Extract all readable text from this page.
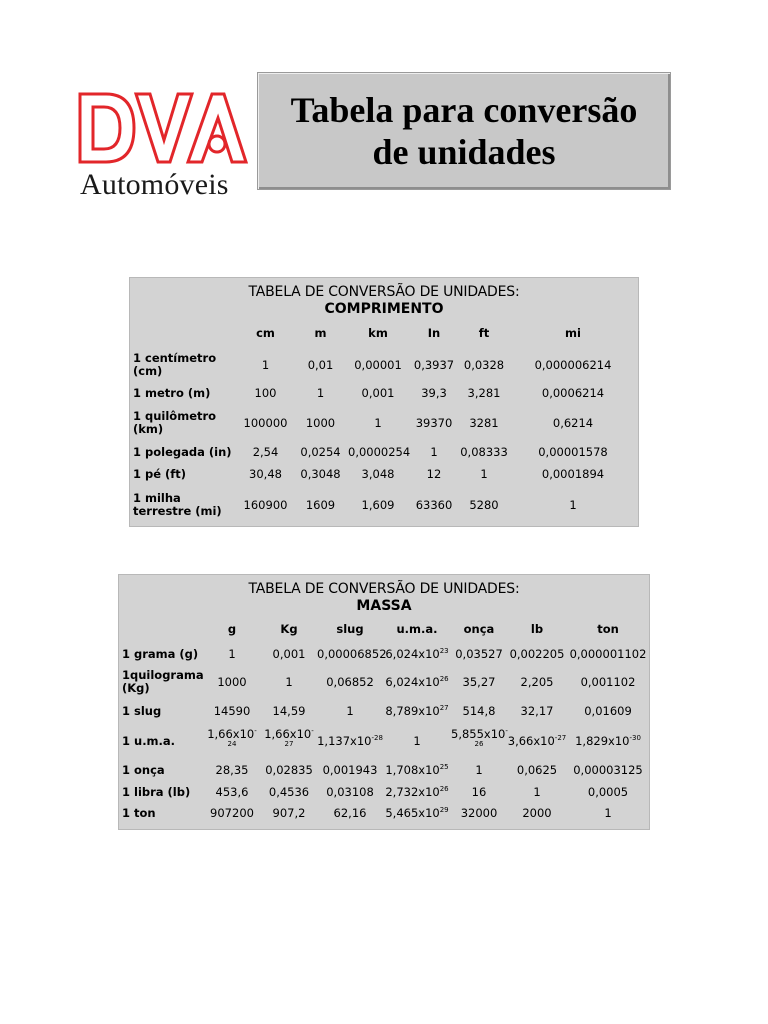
Automóveis
Tabela para conversão
de unidades
TABELA DE CONVERSÃO DE UNIDADES:
COMPRIMENTO
	cm	m	km	In	ft	mi
1 centímetro (cm)	1	0,01	0,00001	0,3937	0,0328	0,000006214
1 metro (m)	100	1	0,001	39,3	3,281	0,0006214
1 quilômetro (km)	100000	1000	1	39370	3281	0,6214
1 polegada (in)	2,54	0,0254	0,0000254	1	0,08333	0,00001578
1 pé (ft)	30,48	0,3048	3,048	12	1	0,0001894
1 milha terrestre (mi)	160900	1609	1,609	63360	5280	1
TABELA DE CONVERSÃO DE UNIDADES:
MASSA
	g	Kg	slug	u.m.a.	onça	lb	ton
1 grama (g)	1	0,001	0,00006852	$6,024x10^{23}$	0,03527	0,002205	0,000001102
1quilograma (Kg)	1000	1	0,06852	$6,024x10^{26}$	35,27	2,205	0,001102
1 slug	14590	14,59	1	$8,789x10^{27}$	514,8	32,17	0,01609
1 u.m.a.	$1,66x10^{-24}$	$1,66x10^{-27}$	$1,137x10^{-28}$	1	$5,855x10^{-26}$	$3,66x10^{-27}$	$1,829x10^{-30}$
1 onça	28,35	0,02835	0,001943	$1,708x10^{25}$	1	0,0625	0,00003125
1 libra (lb)	453,6	0,4536	0,03108	$2,732x10^{26}$	16	1	0,0005
1 ton	907200	907,2	62,16	$5,465x10^{29}$	32000	2000	1
